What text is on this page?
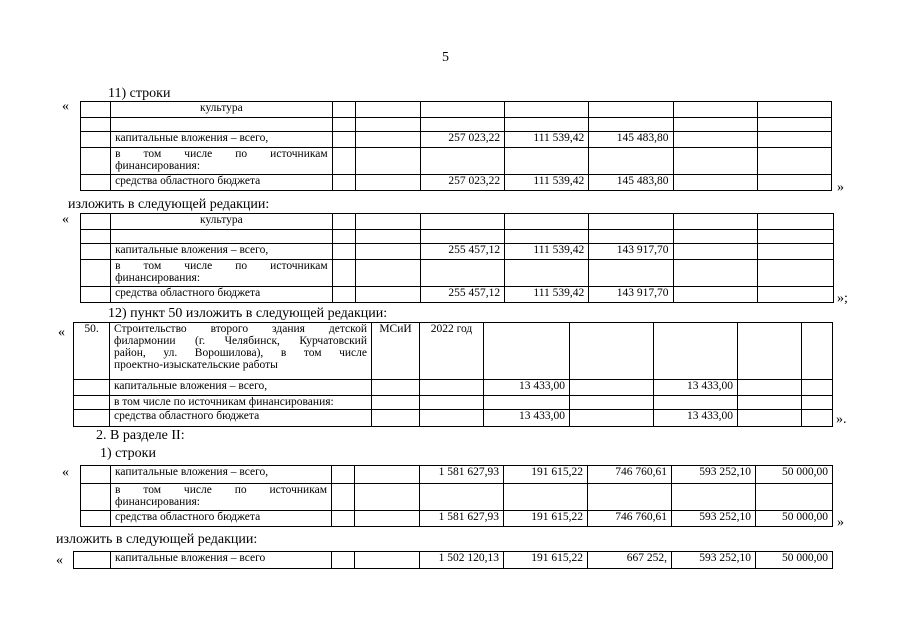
5
11) строки
«
		культура							

	капитальные вложения – всего,			257 023,22	111 539,42	145 483,80		

	в том числе по источникам
финансирования:							

	средства областного бюджета			257 023,22	111 539,42	145 483,80			»
изложить в следующей редакции:
«
		культура							

	капитальные вложения – всего,			255 457,12	111 539,42	143 917,70		

	в том числе по источникам
финансирования:							

	средства областного бюджета			255 457,12	111 539,42	143 917,70			»;
12) пункт 50 изложить в следующей редакции:
« 50.	Строительство второго здания детской
филармонии (г. Челябинск, Курчатовский
район, ул. Ворошилова), в том числе
проектно-изыскательские работы	МСиИ	2022 год					
	капитальные вложения – всего,			13 433,00		13 433,00		
	в том числе по источникам финансирования:							
	средства областного бюджета			13 433,00		13 433,00			».
2. В разделе II:
1) строки
«
		капитальные вложения – всего,			1 581 627,93	191 615,22	746 760,61	593 252,10	50 000,00

	в том числе по источникам
финансирования:							

	средства областного бюджета			1 581 627,93	191 615,22	746 760,61	593 252,10	50 000,00 »
изложить в следующей редакции:
«
		капитальные вложения – всего			1 502 120,13	191 615,22	667 252,	593 252,10	50 000,00
